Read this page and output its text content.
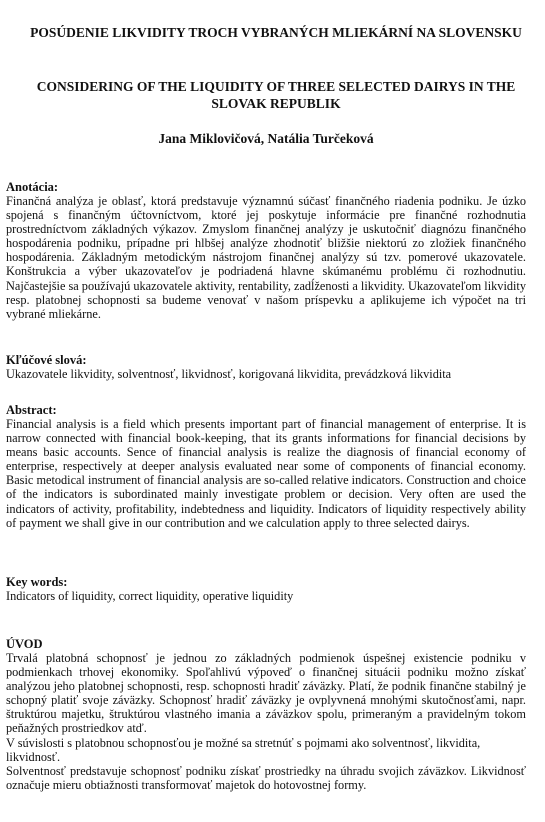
POSÚDENIE LIKVIDITY TROCH VYBRANÝCH MLIEKÁRNÍ NA SLOVENSKU
CONSIDERING OF THE LIQUIDITY OF THREE SELECTED DAIRYS IN THE SLOVAK REPUBLIK
Jana Miklovičová, Natália Turčeková

Anotácia:

Finančná analýza je oblasť, ktorá predstavuje významnú súčasť finančného riadenia podniku. Je úzko spojená s finančným účtovníctvom, ktoré jej poskytuje informácie pre finančné rozhodnutia prostredníctvom základných výkazov. Zmyslom finančnej analýzy je uskutočniť diagnózu finančného hospodárenia podniku, prípadne pri hlbšej analýze zhodnotiť bližšie niektorú zo zložiek finančného hospodárenia. Základným metodickým nástrojom finančnej analýzy sú tzv. pomerové ukazovatele. Konštrukcia a výber ukazovateľov je podriadená hlavne skúmanému problému či rozhodnutiu. Najčastejšie sa používajú ukazovatele aktivity, rentability, zadĺženosti a likvidity. Ukazovateľom likvidity resp. platobnej schopnosti sa budeme venovať v našom príspevku a aplikujeme ich výpočet na tri vybrané mliekárne.

Kľúčové slová:

Ukazovatele likvidity, solventnosť, likvidnosť, korigovaná likvidita, prevádzková likvidita

Abstract:

Financial analysis is a field which presents important part of financial management of enterprise. It is narrow connected with financial book-keeping, that its grants informations for financial decisions by means basic accounts. Sence of financial analysis is realize the diagnosis of financial economy of enterprise, respectively at deeper analysis evaluated near some of components of financial economy. Basic metodical instrument of financial analysis are so-called relative indicators. Construction and choice of the indicators is subordinated mainly investigate problem or decision. Very often are used the indicators of activity, profitability, indebtedness and liquidity. Indicators of liquidity respectively ability of payment we shall give in our contribution and we calculation apply to three selected dairys.

Key words:

Indicators of liquidity, correct liquidity, operative liquidity

ÚVOD

Trvalá platobná schopnosť je jednou zo základných podmienok úspešnej existencie podniku v podmienkach trhovej ekonomiky. Spoľahlivú výpoveď o finančnej situácii podniku možno získať analýzou jeho platobnej schopnosti, resp. schopnosti hradiť záväzky. Platí, že podnik finančne stabilný je schopný platiť svoje záväzky. Schopnosť hradiť záväzky je ovplyvnená mnohými skutočnosťami, napr. štruktúrou majetku, štruktúrou vlastného imania a záväzkov spolu, primeraným a pravidelným tokom peňažných prostriedkov atď.

V súvislosti s platobnou schopnosťou je možné sa stretnúť s pojmami ako solventnosť, likvidita, likvidnosť.

Solventnosť predstavuje schopnosť podniku získať prostriedky na úhradu svojich záväzkov. Likvidnosť označuje mieru obtiažnosti transformovať majetok do hotovostnej formy.
